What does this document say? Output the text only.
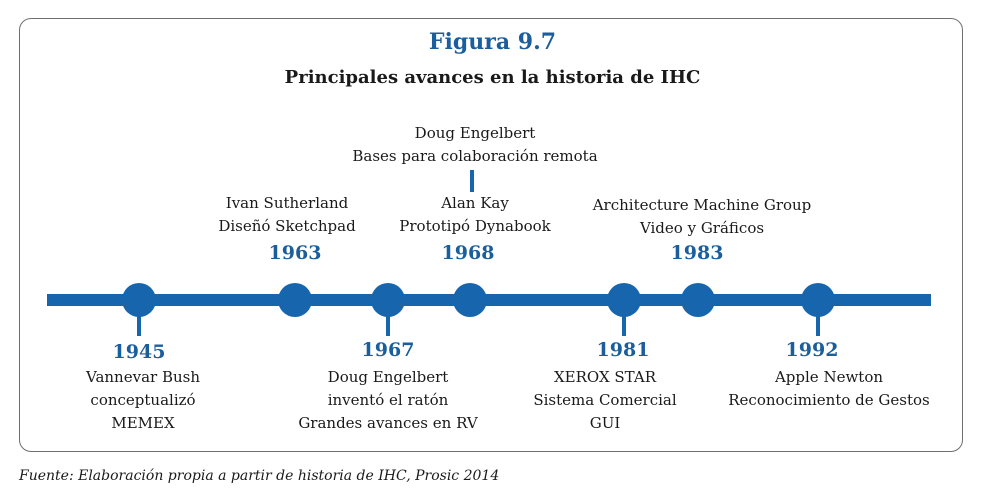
Figura 9.7
Principales avances en la historia de IHC
1945
Vannevar Bush
conceptualizó
MEMEX
Ivan Sutherland
Diseñó Sketchpad
1963
1967
Doug Engelbert
inventó el ratón
Grandes avances en RV
Doug Engelbert
Bases para colaboración remota
Alan Kay
Prototipó Dynabook
1968
1981
XEROX STAR
Sistema Comercial
GUI
Architecture Machine Group
Video y Gráficos
1983
1992
Apple Newton
Reconocimiento de Gestos
Fuente: Elaboración propia a partir de historia de IHC, Prosic 2014
